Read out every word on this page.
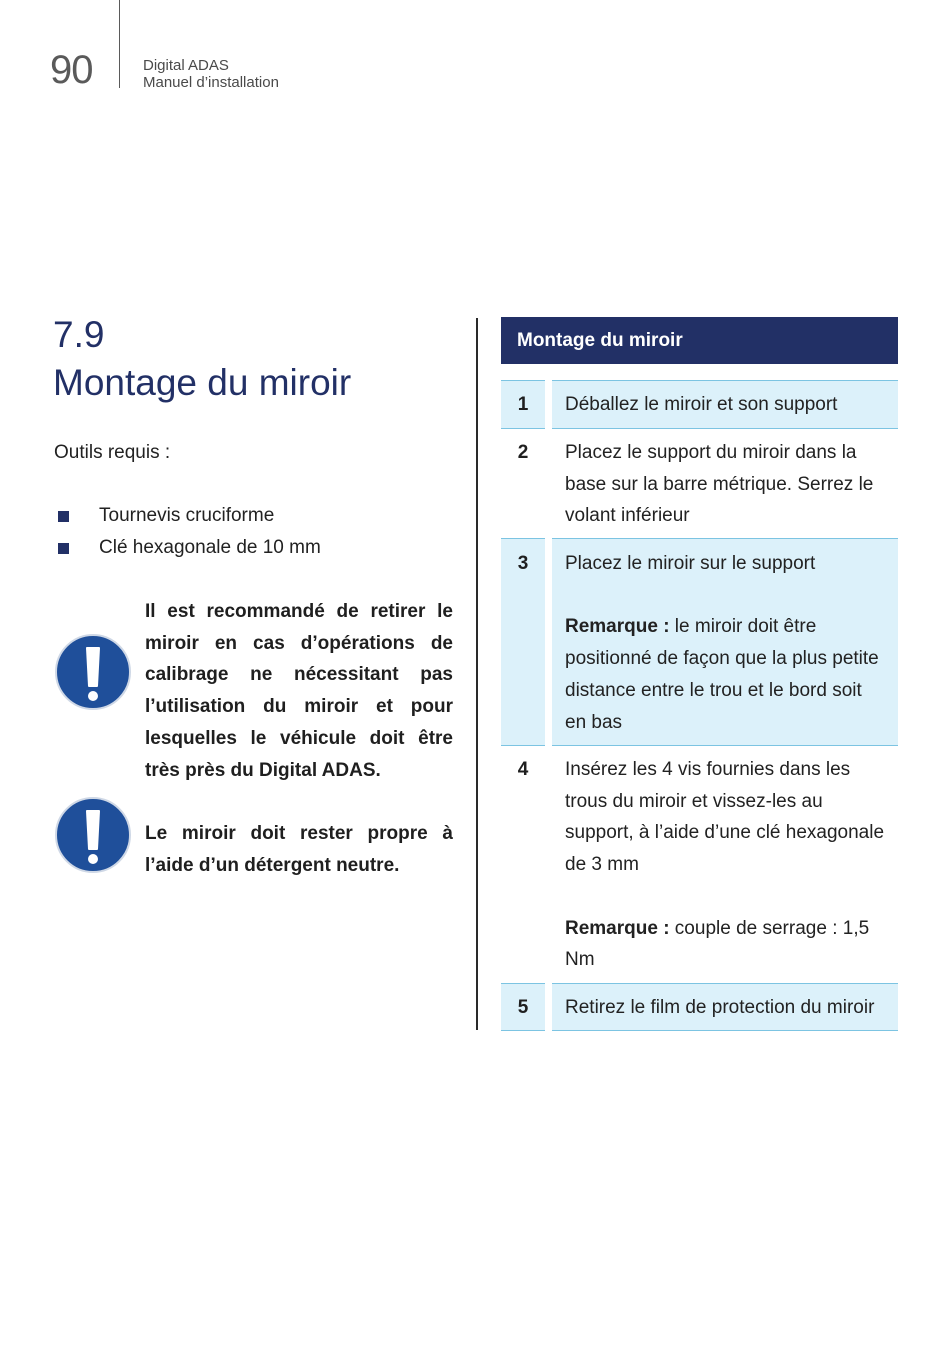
90	Digital ADAS
Manuel d’installation
7.9
Montage du miroir
Outils requis :
Tournevis cruciforme
Clé hexagonale de 10 mm
Il est recommandé de retirer le miroir en cas d’opérations de calibrage ne nécessitant pas l’utilisation du miroir et pour lesquelles le véhicule doit être très près du Digital ADAS.
Le miroir doit rester propre à l’aide d’un détergent neutre.
Montage du miroir
1	Déballez le miroir et son support
2	Placez le support du miroir dans la base sur la barre métrique. Serrez le volant inférieur
3	Placez le miroir sur le support
Remarque : le miroir doit être positionné de façon que la plus petite distance entre le trou et le bord soit en bas
4	Insérez les 4 vis fournies dans les trous du miroir et vissez-les au support, à l’aide d’une clé hexagonale de 3 mm
Remarque : couple de serrage : 1,5 Nm
5	Retirez le film de protection du miroir
